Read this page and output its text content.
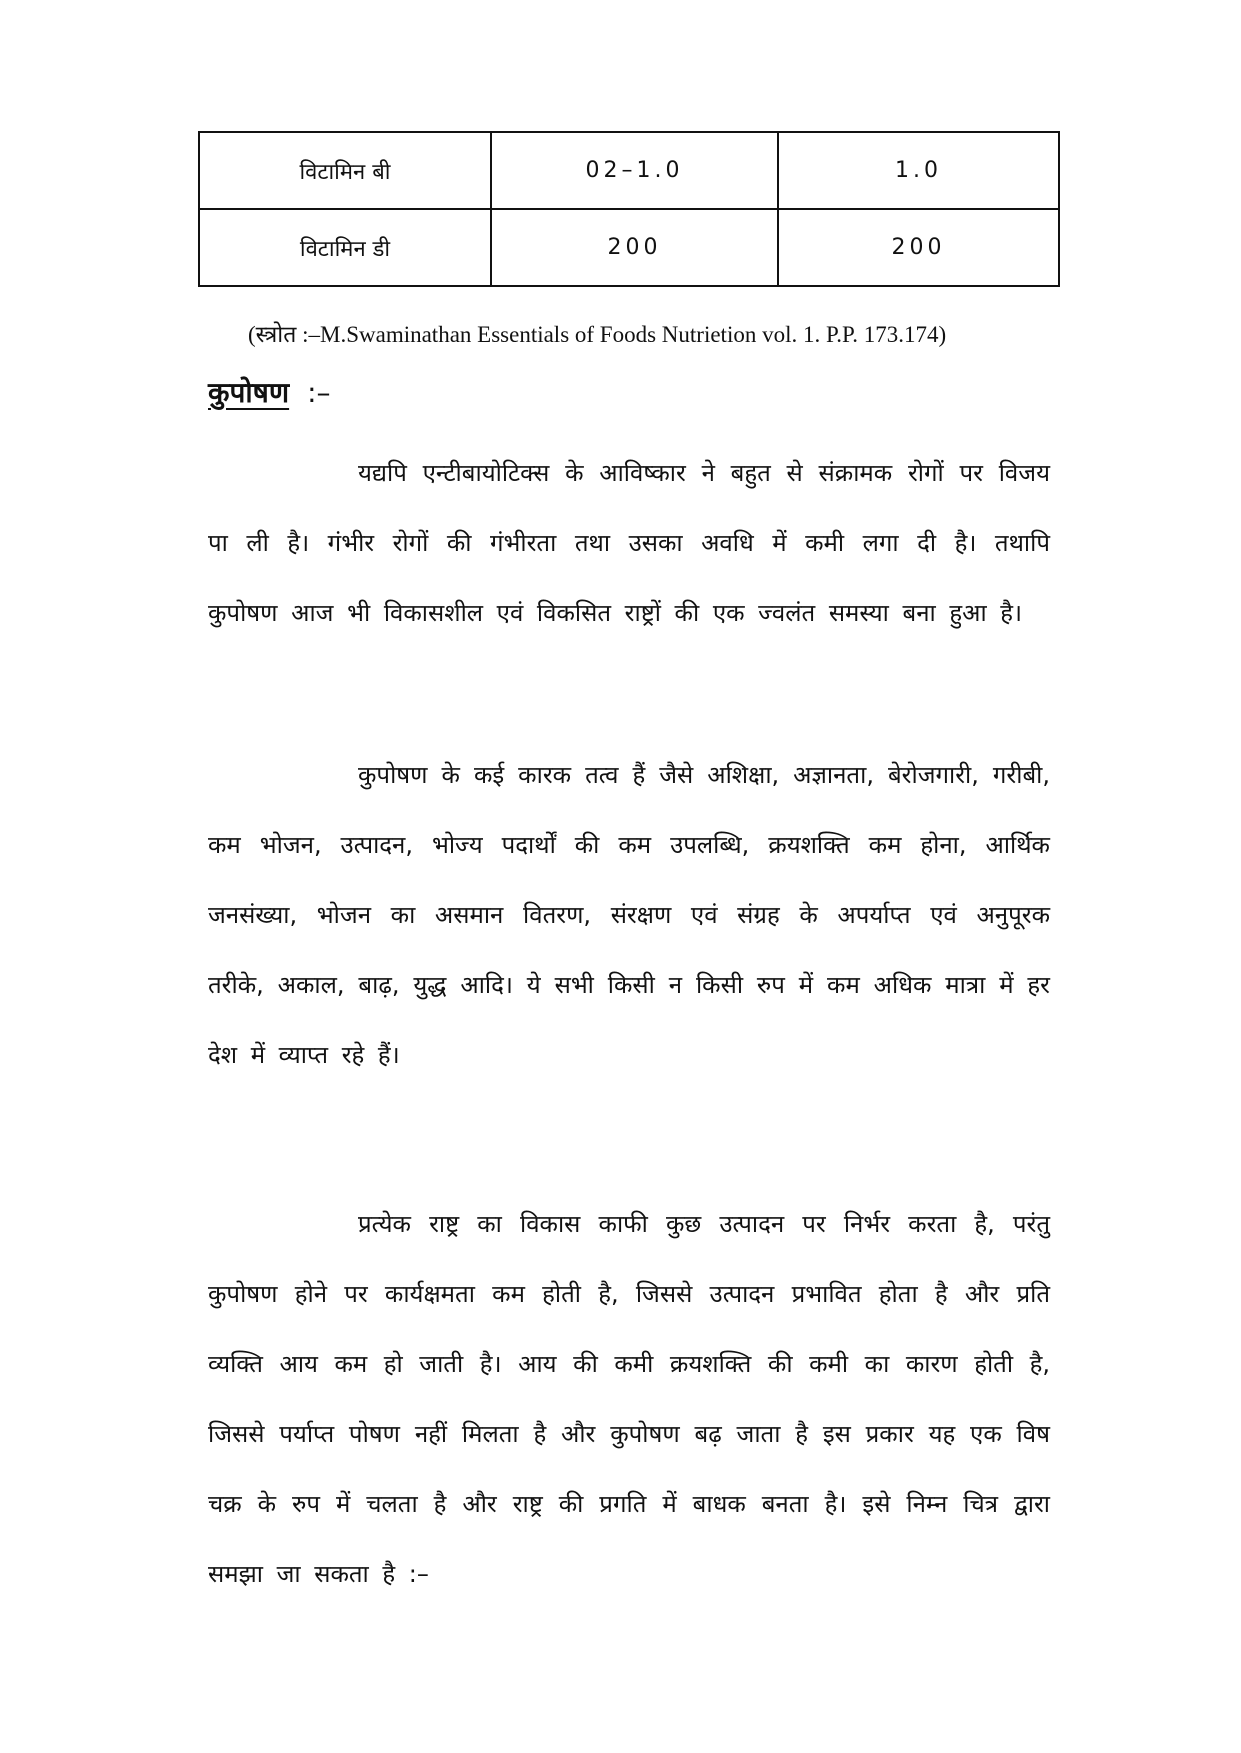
विटामिन बी	02–1.0	1.0
विटामिन डी	200	200
(स्त्रोत :–M.Swaminathan Essentials of Foods Nutrietion vol. 1. P.P. 173.174)
कुपोषण :–

यद्यपि एन्टीबायोटिक्स के आविष्कार ने बहुत से संक्रामक रोगों पर विजय पा ली है। गंभीर रोगों की गंभीरता तथा उसका अवधि में कमी लगा दी है। तथापि कुपोषण आज भी विकासशील एवं विकसित राष्ट्रों की एक ज्वलंत समस्या बना हुआ है।

कुपोषण के कई कारक तत्व हैं जैसे अशिक्षा, अज्ञानता, बेरोजगारी, गरीबी, कम भोजन, उत्पादन, भोज्य पदार्थों की कम उपलब्धि, क्रयशक्ति कम होना, आर्थिक जनसंख्या, भोजन का असमान वितरण, संरक्षण एवं संग्रह के अपर्याप्त एवं अनुपूरक तरीके, अकाल, बाढ़, युद्ध आदि। ये सभी किसी न किसी रुप में कम अधिक मात्रा में हर देश में व्याप्त रहे हैं।

प्रत्येक राष्ट्र का विकास काफी कुछ उत्पादन पर निर्भर करता है, परंतु कुपोषण होने पर कार्यक्षमता कम होती है, जिससे उत्पादन प्रभावित होता है और प्रति व्यक्ति आय कम हो जाती है। आय की कमी क्रयशक्ति की कमी का कारण होती है, जिससे पर्याप्त पोषण नहीं मिलता है और कुपोषण बढ़ जाता है इस प्रकार यह एक विष चक्र के रुप में चलता है और राष्ट्र की प्रगति में बाधक बनता है। इसे निम्न चित्र द्वारा समझा जा सकता है :–
